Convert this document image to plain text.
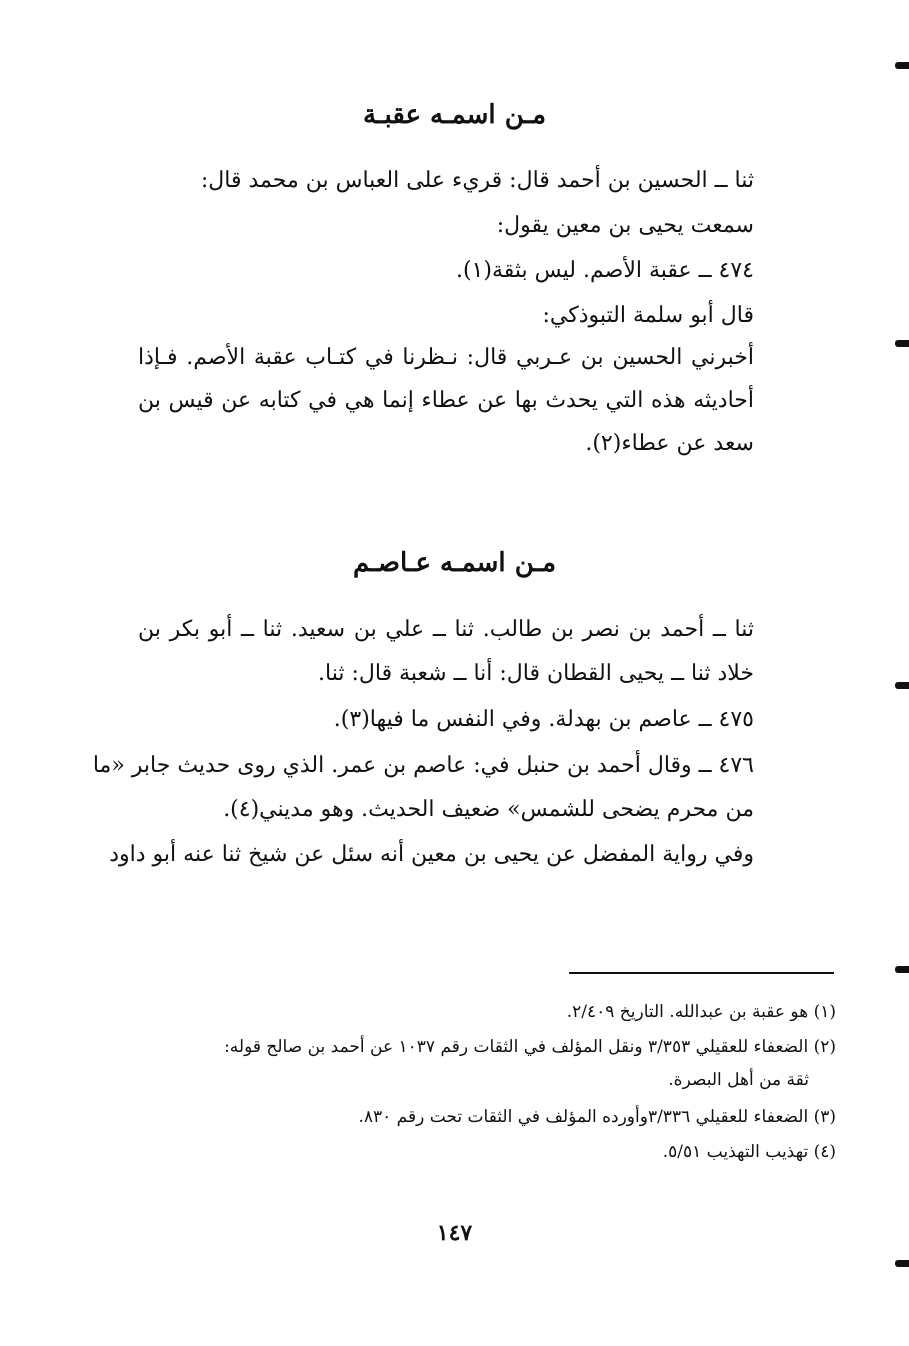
مـن اسمـه عقبـة
ثنا ــ الحسين بن أحمد قال: قريء على العباس بن محمد قال:
سمعت يحيى بن معين يقول:
٤٧٤ ــ عقبة الأصم. ليس بثقة(١).
قال أبو سلمة التبوذكي:
أخبرني الحسين بن عـربي قال: نـظرنا في كتـاب عقبة الأصم. فـإذا
أحاديثه هذه التي يحدث بها عن عطاء إنما هي في كتابه عن قيس بن
سعد عن عطاء(٢).
مـن اسمـه عـاصـم
ثنا ــ أحمد بن نصر بن طالب. ثنا ــ علي بن سعيد. ثنا ــ أبو بكر بن
خلاد ثنا ــ يحيى القطان قال: أنا ــ شعبة قال: ثنا.
٤٧٥ ــ عاصم بن بهدلة. وفي النفس ما فيها(٣).
٤٧٦ ــ وقال أحمد بن حنبل في: عاصم بن عمر. الذي روى حديث جابر «ما
من محرم يضحى للشمس» ضعيف الحديث. وهو مديني(٤).
وفي رواية المفضل عن يحيى بن معين أنه سئل عن شيخ ثنا عنه أبو داود
(١) هو عقبة بن عبدالله. التاريخ ٢/٤٠٩.
(٢) الضعفاء للعقيلي ٣/٣٥٣ ونقل المؤلف في الثقات رقم ١٠٣٧ عن أحمد بن صالح قوله:
ثقة من أهل البصرة.
(٣) الضعفاء للعقيلي ٣/٣٣٦وأورده المؤلف في الثقات تحت رقم ٨٣٠.
(٤) تهذيب التهذيب ٥/٥١.
١٤٧
